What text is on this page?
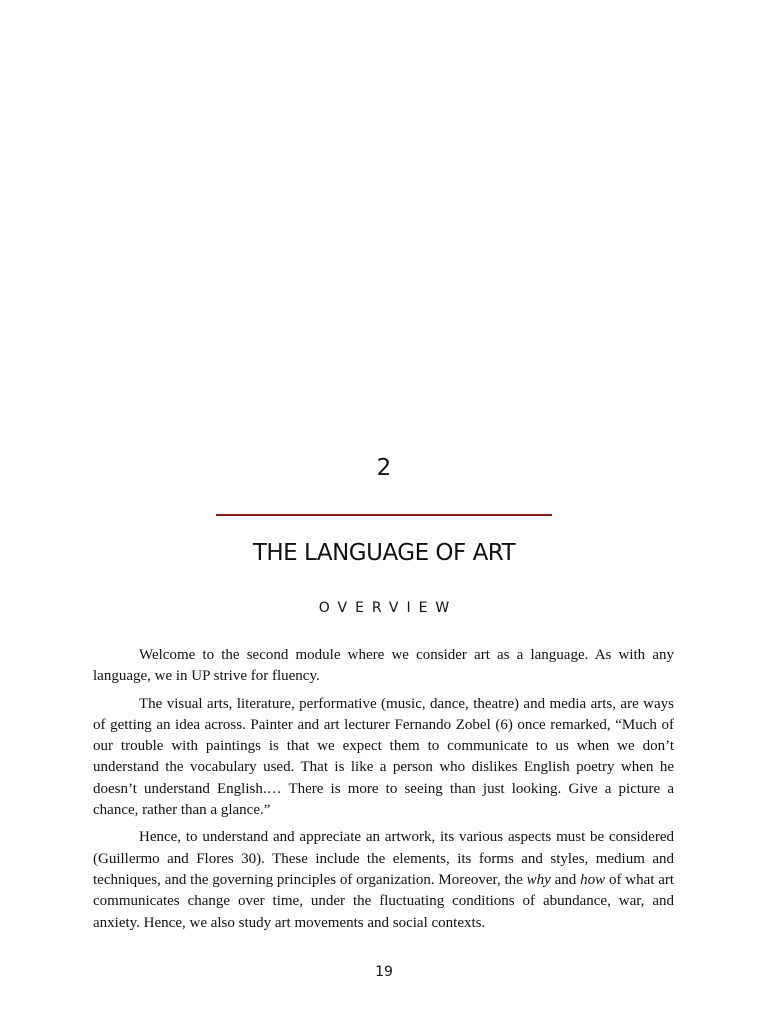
2
THE LANGUAGE OF ART
OVERVIEW

Welcome to the second module where we consider art as a language. As with any language, we in UP strive for fluency.

The visual arts, literature, performative (music, dance, theatre) and media arts, are ways of getting an idea across. Painter and art lecturer Fernando Zobel (6) once remarked, “Much of our trouble with paintings is that we expect them to communicate to us when we don’t understand the vocabulary used. That is like a person who dislikes English poetry when he doesn’t understand English.… There is more to seeing than just looking. Give a picture a chance, rather than a glance.”

Hence, to understand and appreciate an artwork, its various aspects must be considered (Guillermo and Flores 30). These include the elements, its forms and styles, medium and techniques, and the governing principles of organization. Moreover, the why and how of what art communicates change over time, under the fluctuating conditions of abundance, war, and anxiety. Hence, we also study art movements and social contexts.

19
